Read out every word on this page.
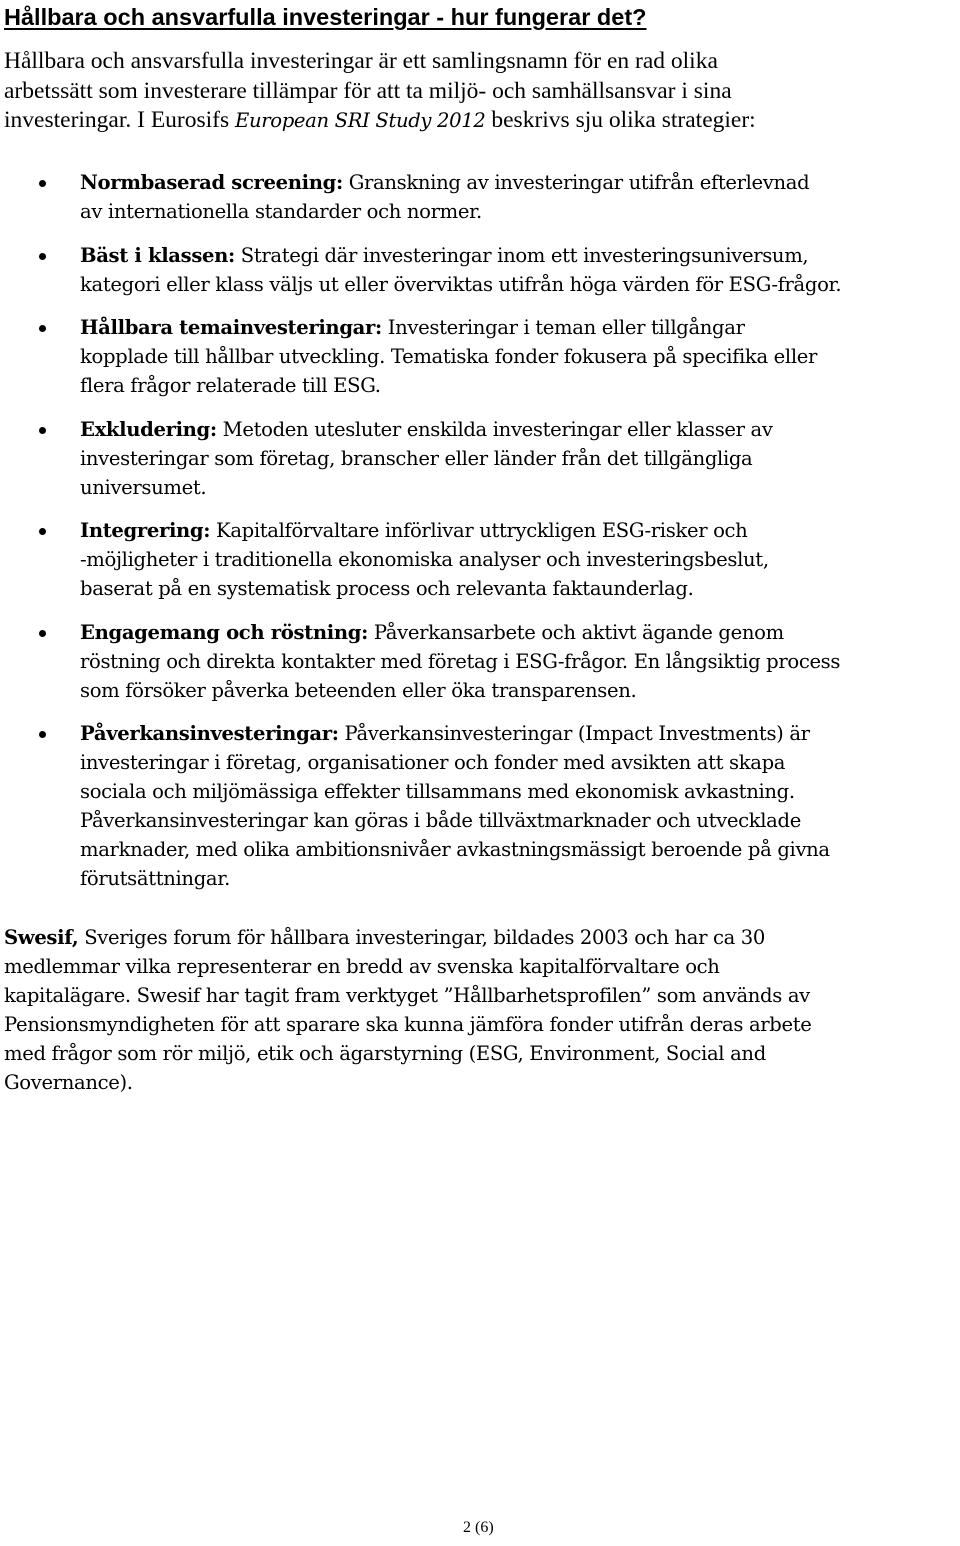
Hållbara och ansvarfulla investeringar - hur fungerar det?

Hållbara och ansvarsfulla investeringar är ett samlingsnamn för en rad olika
arbetssätt som investerare tillämpar för att ta miljö- och samhällsansvar i sina
investeringar. I Eurosifs European SRI Study 2012 beskrivs sju olika strategier:

Normbaserad screening: Granskning av investeringar utifrån efterlevnad
av internationella standarder och normer.
Bäst i klassen: Strategi där investeringar inom ett investeringsuniversum,
kategori eller klass väljs ut eller överviktas utifrån höga värden för ESG-frågor.
Hållbara temainvesteringar: Investeringar i teman eller tillgångar
kopplade till hållbar utveckling. Tematiska fonder fokusera på specifika eller
flera frågor relaterade till ESG.
Exkludering: Metoden utesluter enskilda investeringar eller klasser av
investeringar som företag, branscher eller länder från det tillgängliga
universumet.
Integrering: Kapitalförvaltare införlivar uttryckligen ESG-risker och
-möjligheter i traditionella ekonomiska analyser och investeringsbeslut,
baserat på en systematisk process och relevanta faktaunderlag.
Engagemang och röstning: Påverkansarbete och aktivt ägande genom
röstning och direkta kontakter med företag i ESG-frågor. En långsiktig process
som försöker påverka beteenden eller öka transparensen.
Påverkansinvesteringar: Påverkansinvesteringar (Impact Investments) är
investeringar i företag, organisationer och fonder med avsikten att skapa
sociala och miljömässiga effekter tillsammans med ekonomisk avkastning.
Påverkansinvesteringar kan göras i både tillväxtmarknader och utvecklade
marknader, med olika ambitionsnivåer avkastningsmässigt beroende på givna
förutsättningar.

Swesif, Sveriges forum för hållbara investeringar, bildades 2003 och har ca 30
medlemmar vilka representerar en bredd av svenska kapitalförvaltare och
kapitalägare. Swesif har tagit fram verktyget ”Hållbarhetsprofilen” som används av
Pensionsmyndigheten för att sparare ska kunna jämföra fonder utifrån deras arbete
med frågor som rör miljö, etik och ägarstyrning (ESG, Environment, Social and
Governance).

2 (6)
